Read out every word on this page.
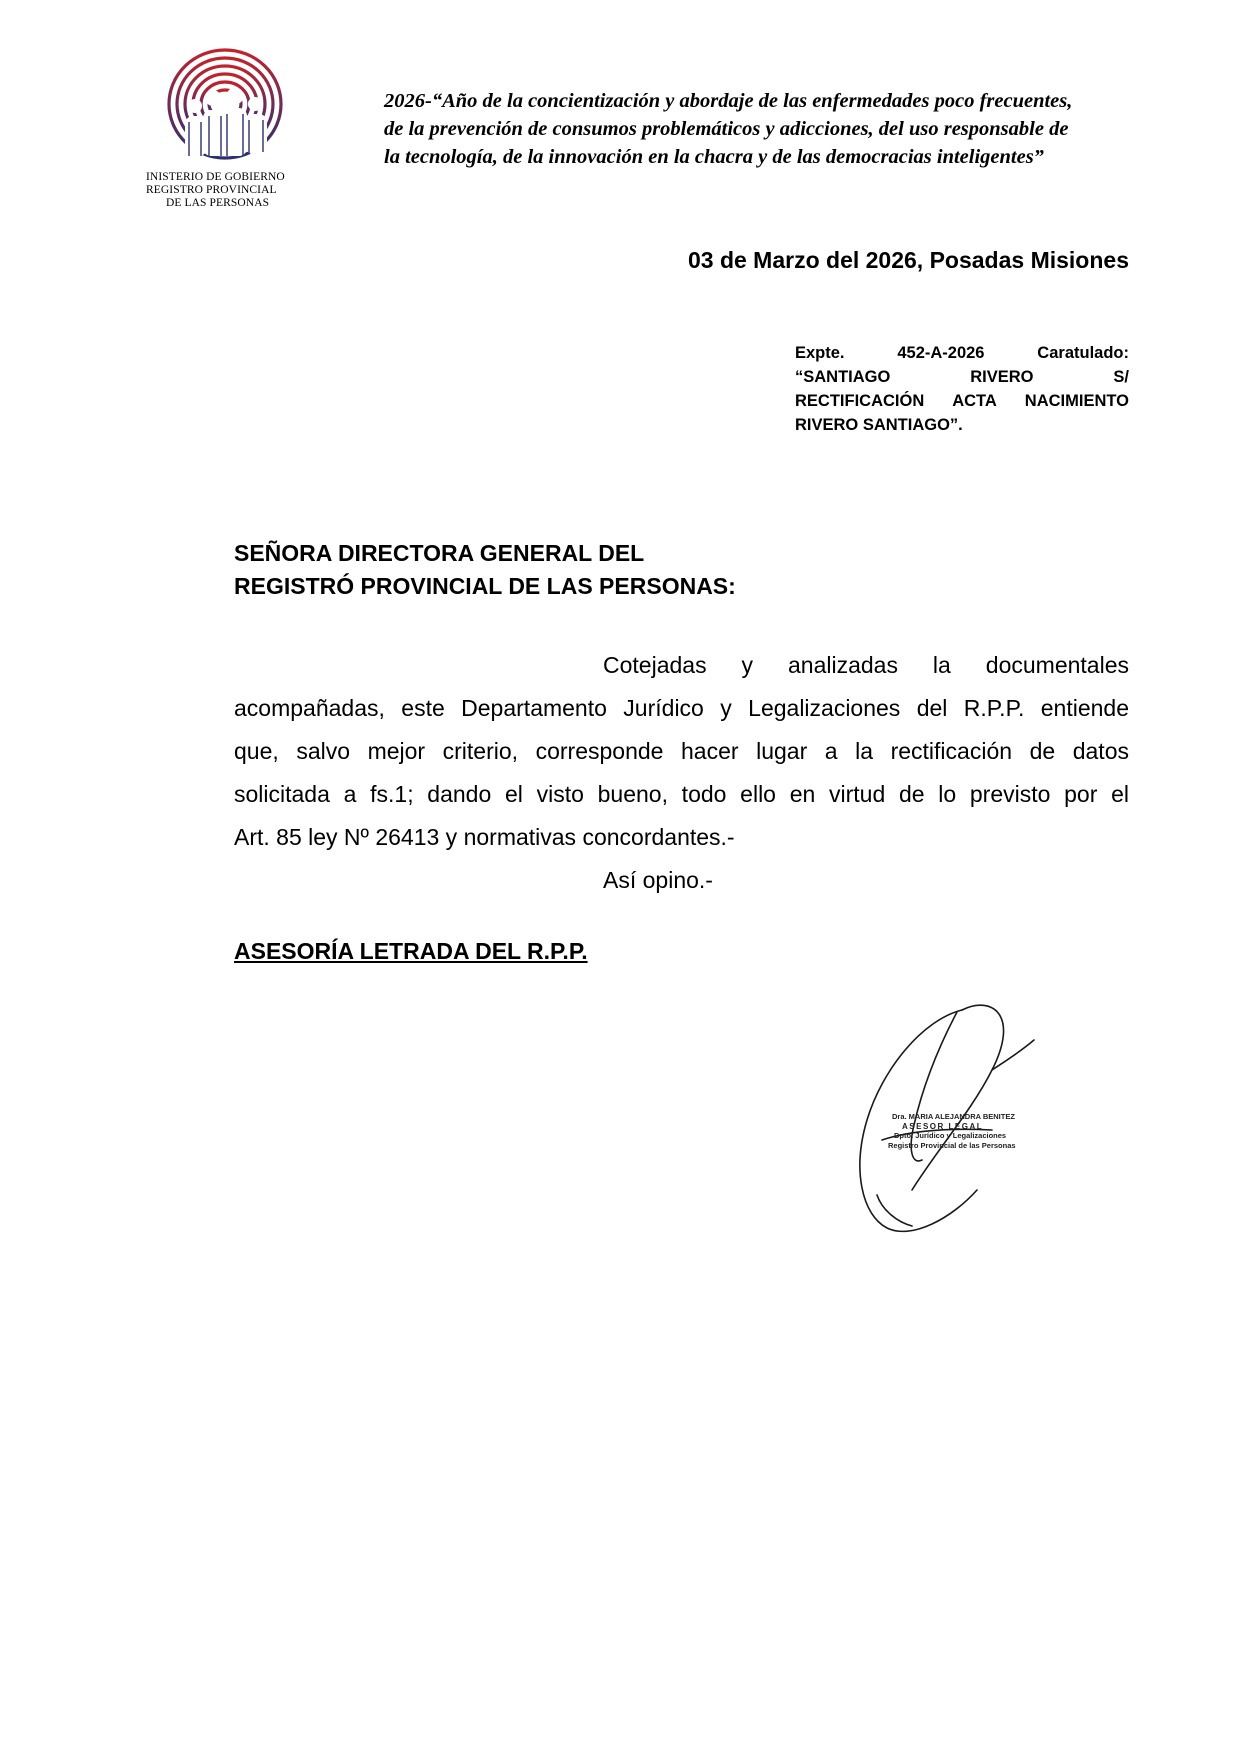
INISTERIO DE GOBIERNO
REGISTRO PROVINCIAL
DE LAS PERSONAS
2026-“Año de la concientización y abordaje de las enfermedades poco frecuentes,
de la prevención de consumos problemáticos y adicciones, del uso responsable de
la tecnología, de la innovación en la chacra y de las democracias inteligentes”
03 de Marzo del 2026, Posadas Misiones
Expte. 452-A-2026 Caratulado:
“SANTIAGO RIVERO S/
RECTIFICACIÓN ACTA NACIMIENTO
RIVERO SANTIAGO”.
SEÑORA DIRECTORA GENERAL DEL
REGISTRÓ PROVINCIAL DE LAS PERSONAS:
Cotejadas y analizadas la documentales
acompañadas, este Departamento Jurídico y Legalizaciones del R.P.P. entiende
que, salvo mejor criterio, corresponde hacer lugar a la rectificación de datos
solicitada a fs.1; dando el visto bueno, todo ello en virtud de lo previsto por el
Art. 85 ley Nº 26413 y normativas concordantes.-
Así opino.-
ASESORÍA LETRADA DEL R.P.P.
Dra. MARIA ALEJANDRA BENITEZ
ASESOR LEGAL
Dpto. Jurídico y Legalizaciones
Registro Provincial de las Personas
